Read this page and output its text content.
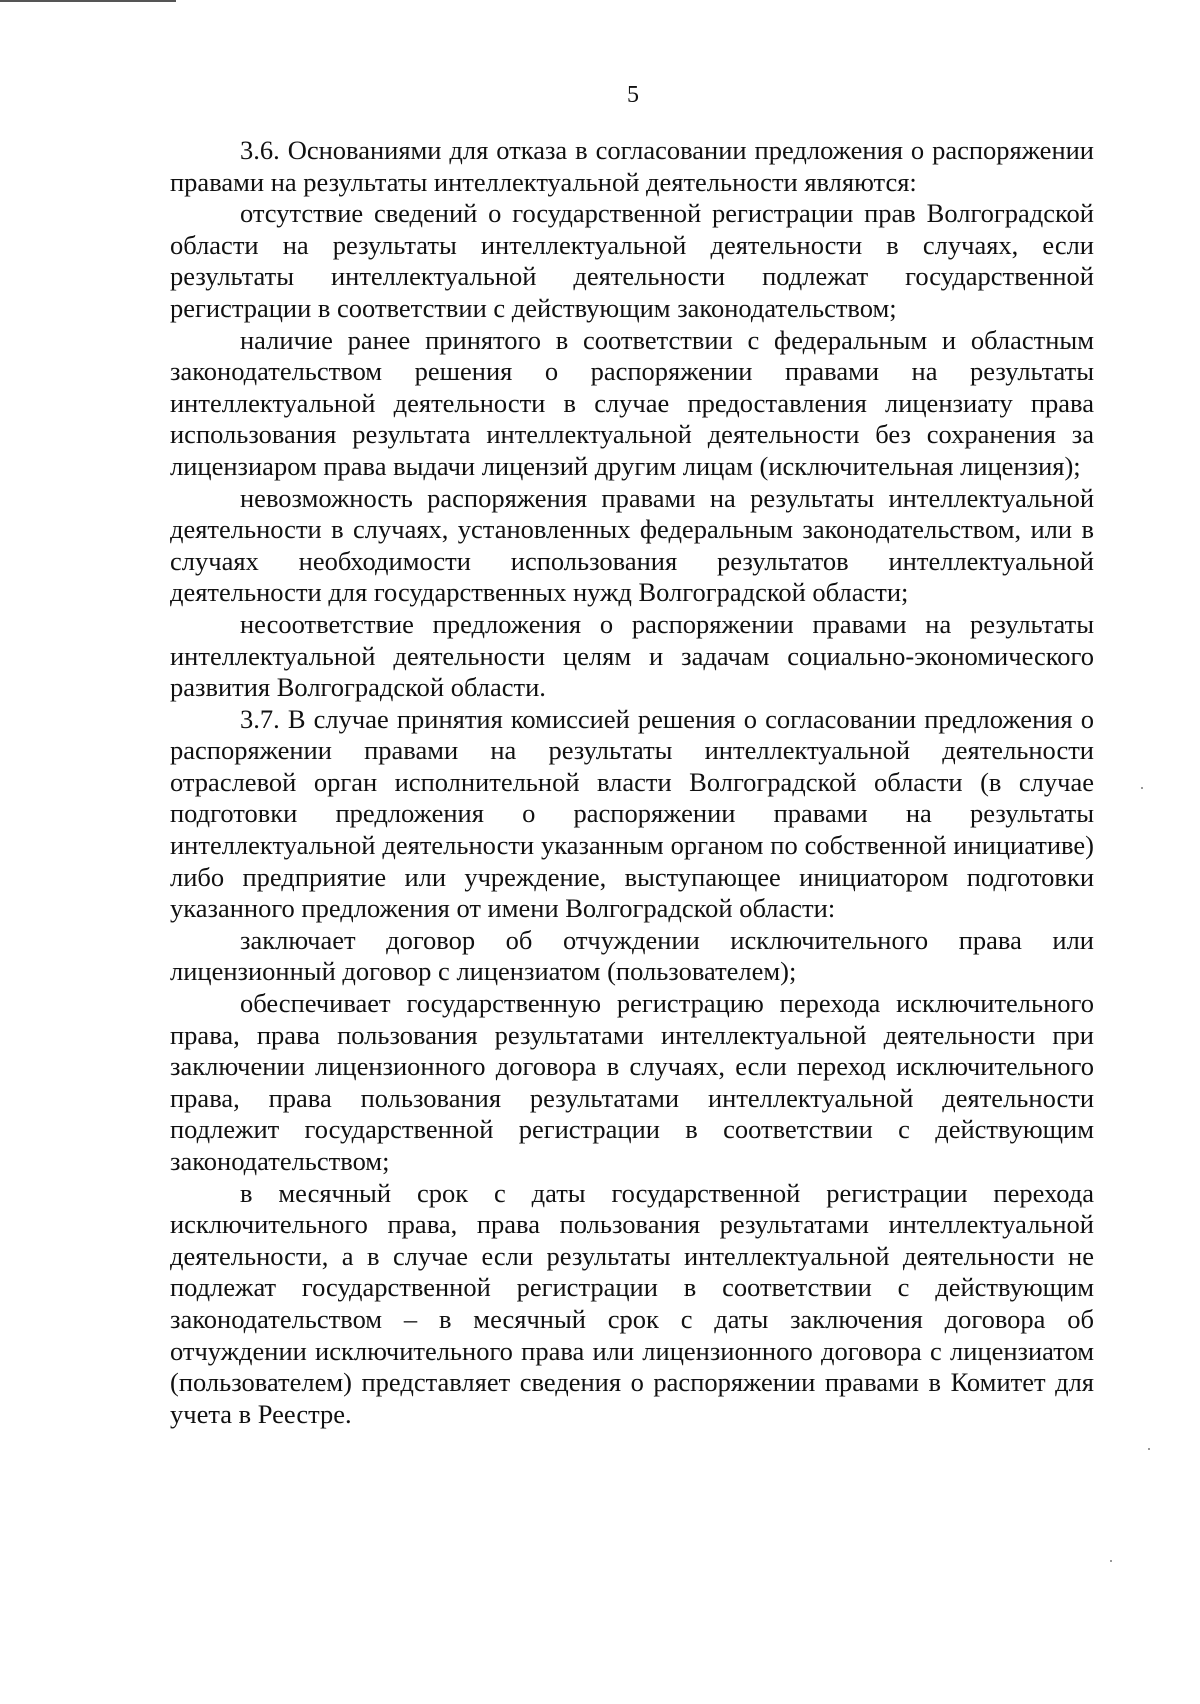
5

3.6. Основаниями для отказа в согласовании предложения о распоряжении правами на результаты интеллектуальной деятельности являются:

отсутствие сведений о государственной регистрации прав Волгоградской области на результаты интеллектуальной деятельности в случаях, если результаты интеллектуальной деятельности подлежат государственной регистрации в соответствии с действующим законодательством;

наличие ранее принятого в соответствии с федеральным и областным законодательством решения о распоряжении правами на результаты интеллектуальной деятельности в случае предоставления лицензиату права использования результата интеллектуальной деятельности без сохранения за лицензиаром права выдачи лицензий другим лицам (исключительная лицензия);

невозможность распоряжения правами на результаты интеллектуальной деятельности в случаях, установленных федеральным законодательством, или в случаях необходимости использования результатов интеллектуальной деятельности для государственных нужд Волгоградской области;

несоответствие предложения о распоряжении правами на результаты интеллектуальной деятельности целям и задачам социально-экономического развития Волгоградской области.

3.7. В случае принятия комиссией решения о согласовании предложения о распоряжении правами на результаты интеллектуальной деятельности отраслевой орган исполнительной власти Волгоградской области (в случае подготовки предложения о распоряжении правами на результаты интеллектуальной деятельности указанным органом по собственной инициативе) либо предприятие или учреждение, выступающее инициатором подготовки указанного предложения от имени Волгоградской области:

заключает договор об отчуждении исключительного права или лицензионный договор с лицензиатом (пользователем);

обеспечивает государственную регистрацию перехода исключительного права, права пользования результатами интеллектуальной деятельности при заключении лицензионного договора в случаях, если переход исключительного права, права пользования результатами интеллектуальной деятельности подлежит государственной регистрации в соответствии с действующим законодательством;

в месячный срок с даты государственной регистрации перехода исключительного права, права пользования результатами интеллектуальной деятельности, а в случае если результаты интеллектуальной деятельности не подлежат государственной регистрации в соответствии с действующим законодательством – в месячный срок с даты заключения договора об отчуждении исключительного права или лицензионного договора с лицензиатом (пользователем) представляет сведения о распоряжении правами в Комитет для учета в Реестре.
